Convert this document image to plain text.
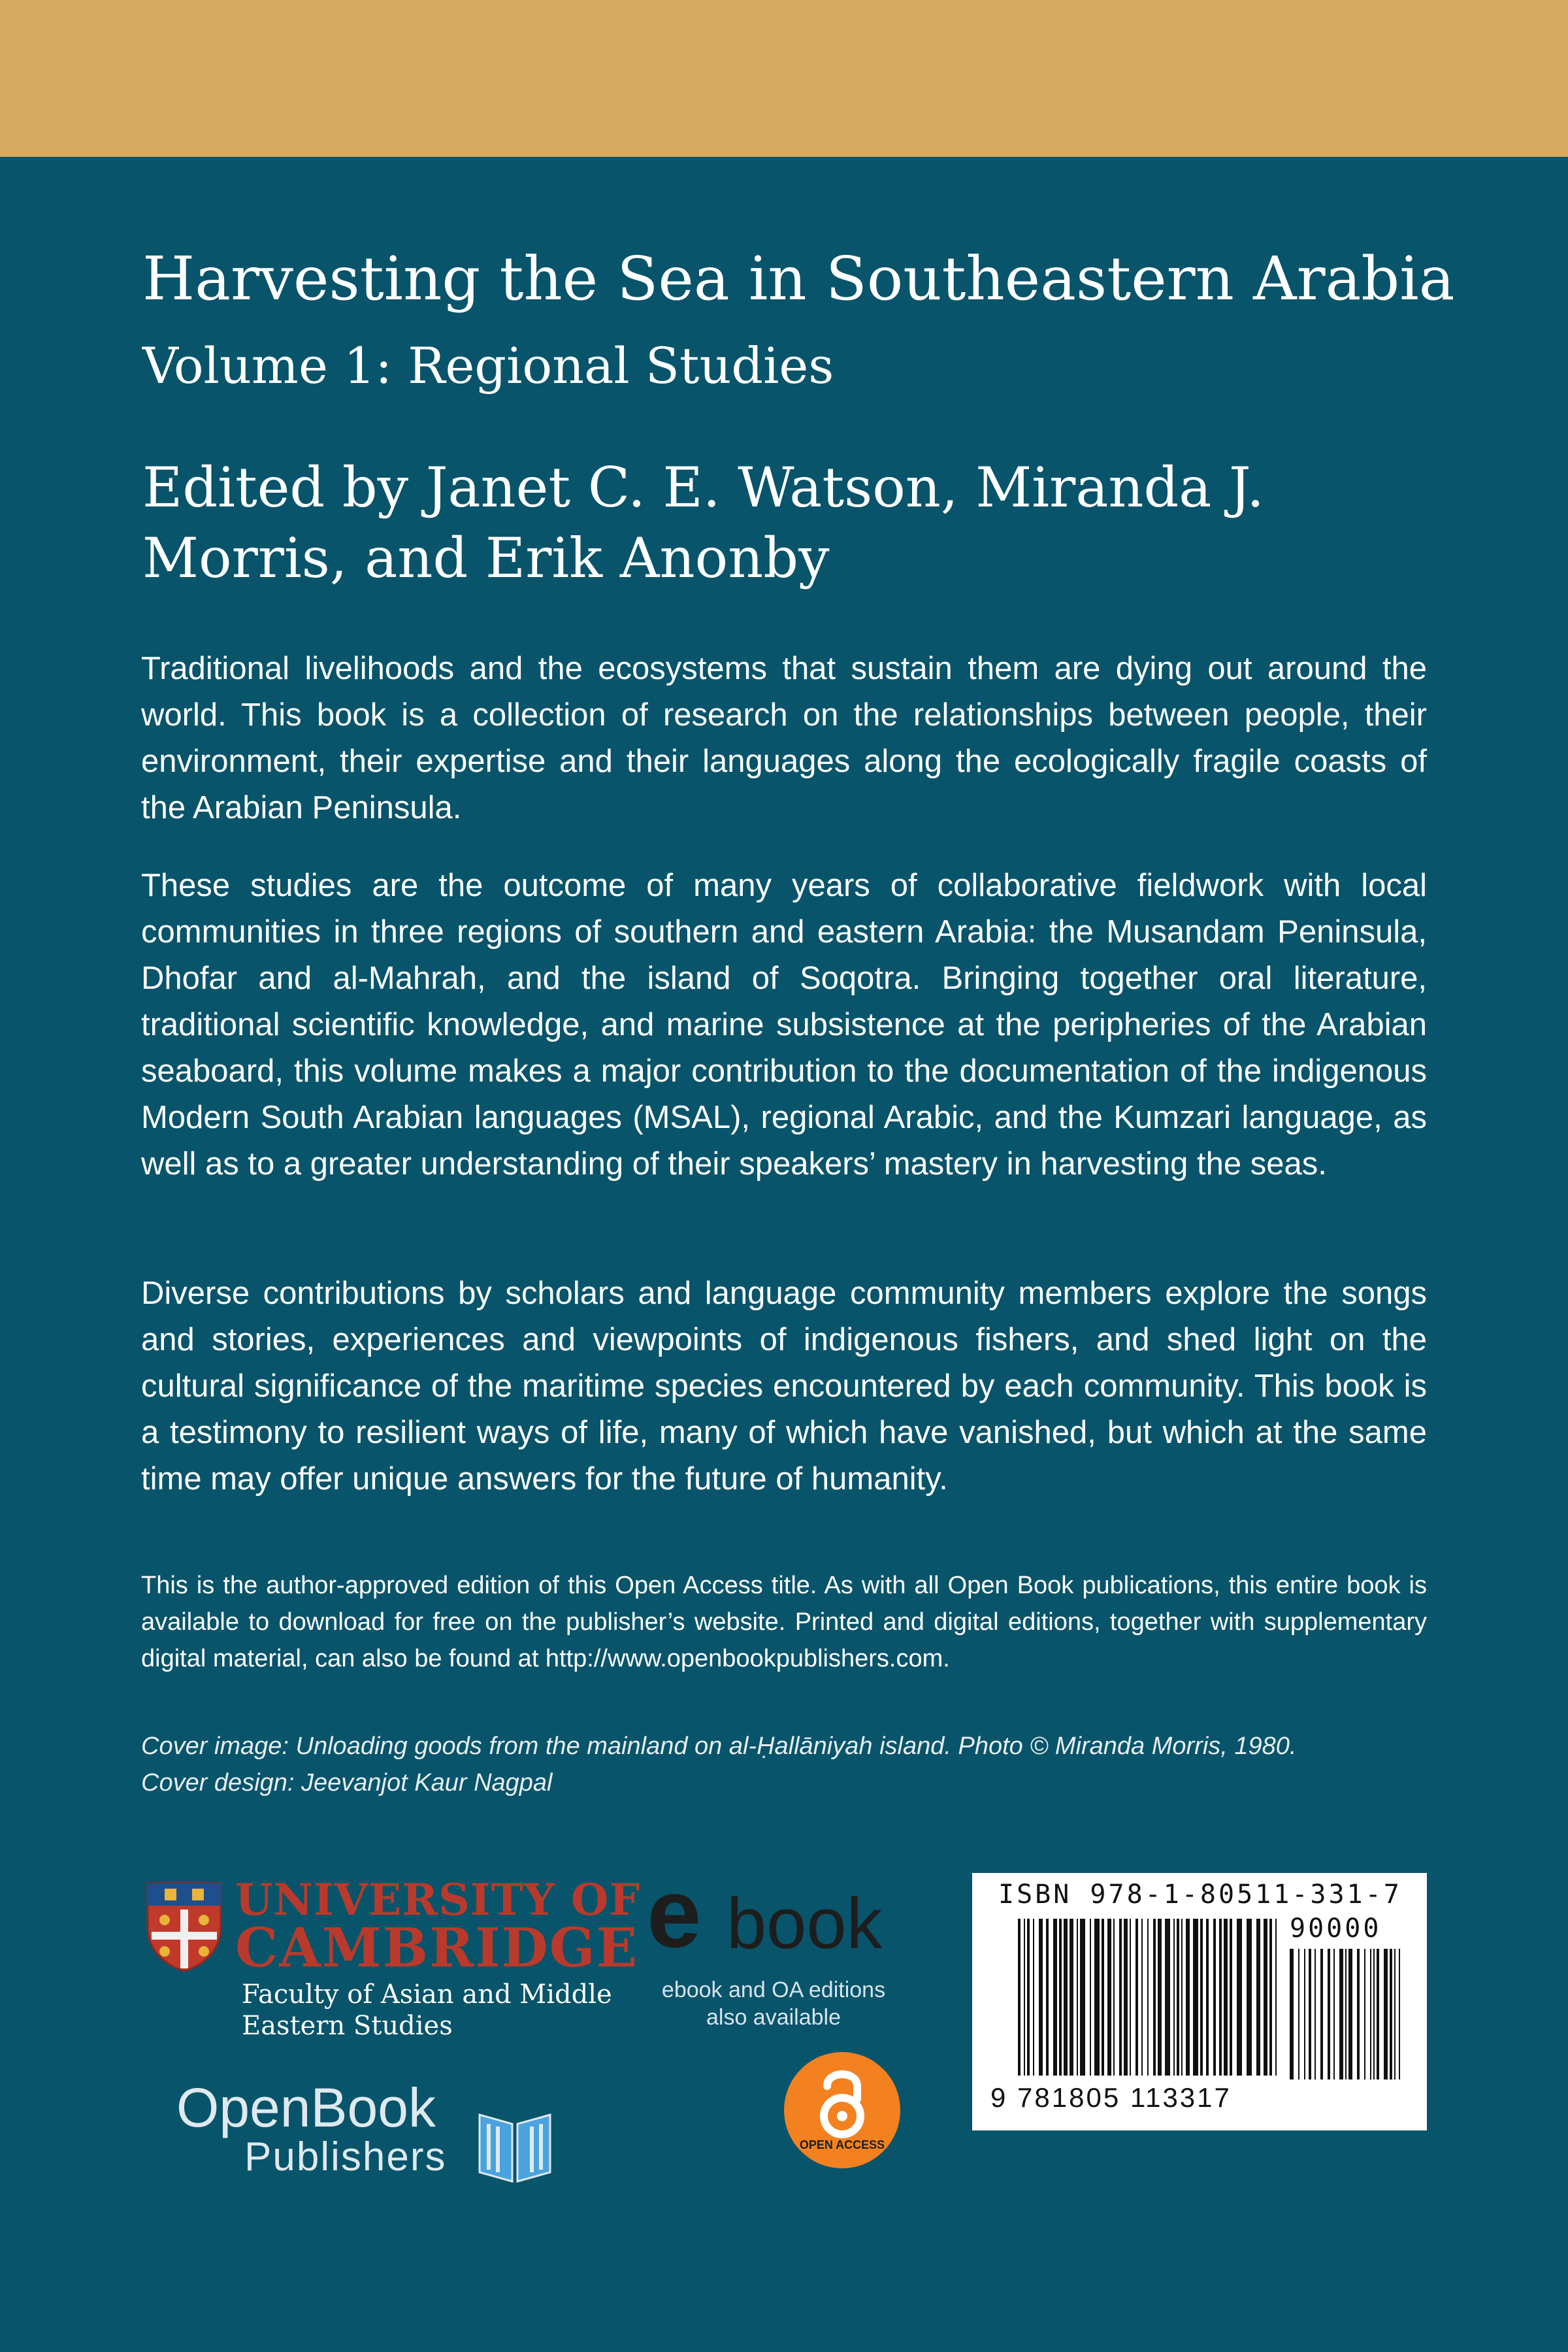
Harvesting the Sea in Southeastern Arabia
Volume 1: Regional Studies
Edited by Janet C. E. Watson, Miranda J. Morris, and Erik Anonby
Traditional livelihoods and the ecosystems that sustain them are dying out around the world. This book is a collection of research on the relationships between people, their environment, their expertise and their languages along the ecologically fragile coasts of the Arabian Peninsula.
These studies are the outcome of many years of collaborative fieldwork with local communities in three regions of southern and eastern Arabia: the Musandam Peninsula, Dhofar and al-Mahrah, and the island of Soqotra. Bringing together oral literature, traditional scientific knowledge, and marine subsistence at the peripheries of the Arabian seaboard, this volume makes a major contribution to the documentation of the indigenous Modern South Arabian languages (MSAL), regional Arabic, and the Kumzari language, as well as to a greater understanding of their speakers’ mastery in harvesting the seas.
Diverse contributions by scholars and language community members explore the songs and stories, experiences and viewpoints of indigenous fishers, and shed light on the cultural significance of the maritime species encountered by each community. This book is a testimony to resilient ways of life, many of which have vanished, but which at the same time may offer unique answers for the future of humanity.
This is the author-approved edition of this Open Access title. As with all Open Book publications, this entire book is available to download for free on the publisher’s website. Printed and digital editions, together with supplementary digital material, can also be found at http://www.openbookpublishers.com.
Cover image: Unloading goods from the mainland on al-Ḥallāniyah island. Photo © Miranda Morris, 1980.
Cover design: Jeevanjot Kaur Nagpal
UNIVERSITY OF
CAMBRIDGE
Faculty of Asian and Middle
Eastern Studies
OpenBook
Publishers
e book
ebook and OA editions
also available
OPEN ACCESS
ISBN 978-1-80511-331-7
90000
9 781805 113317
